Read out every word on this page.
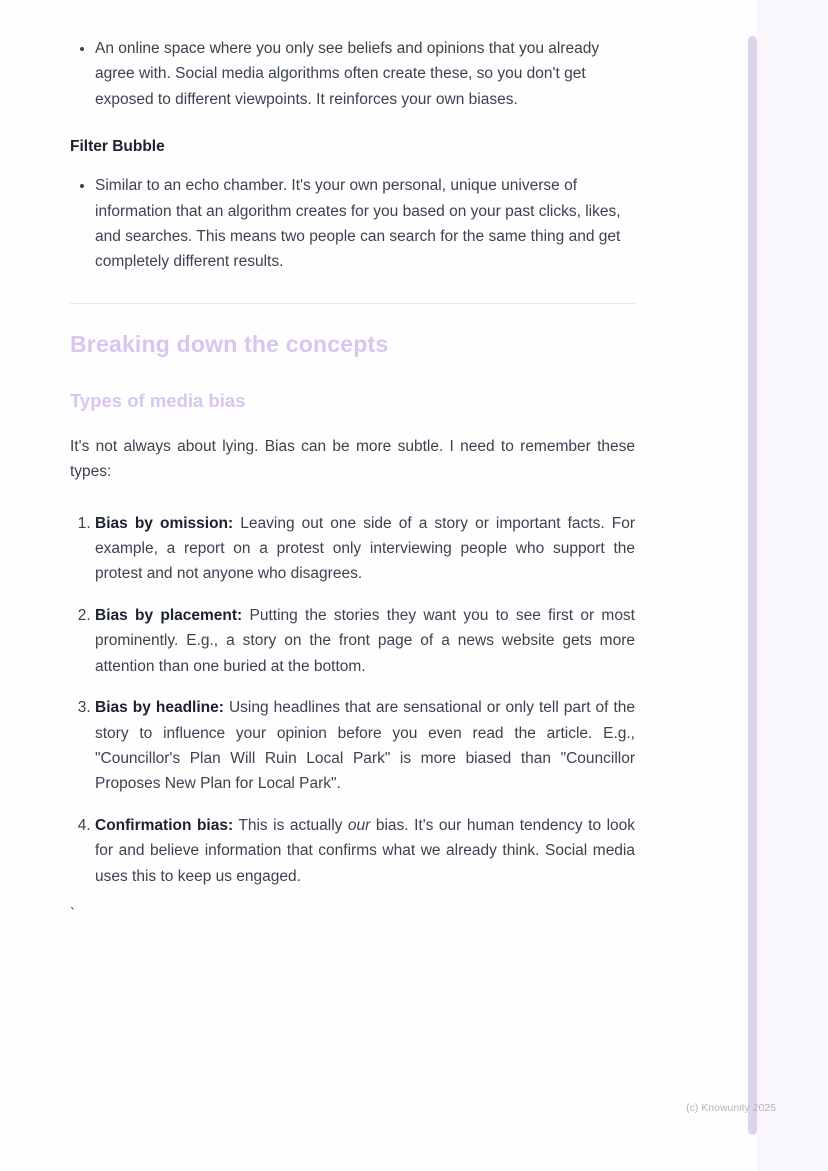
• An online space where you only see beliefs and opinions that you already agree with. Social media algorithms often create these, so you don't get exposed to different viewpoints. It reinforces your own biases.
Filter Bubble
• Similar to an echo chamber. It's your own personal, unique universe of information that an algorithm creates for you based on your past clicks, likes, and searches. This means two people can search for the same thing and get completely different results.
Breaking down the concepts
Types of media bias

It's not always about lying. Bias can be more subtle. I need to remember these types:

1. Bias by omission: Leaving out one side of a story or important facts. For example, a report on a protest only interviewing people who support the protest and not anyone who disagrees.
2. Bias by placement: Putting the stories they want you to see first or most prominently. E.g., a story on the front page of a news website gets more attention than one buried at the bottom.
3. Bias by headline: Using headlines that are sensational or only tell part of the story to influence your opinion before you even read the article. E.g., "Councillor's Plan Will Ruin Local Park" is more biased than "Councillor Proposes New Plan for Local Park".
4. Confirmation bias: This is actually our bias. It's our human tendency to look for and believe information that confirms what we already think. Social media uses this to keep us engaged.
`
(c) Knowunity 2025
